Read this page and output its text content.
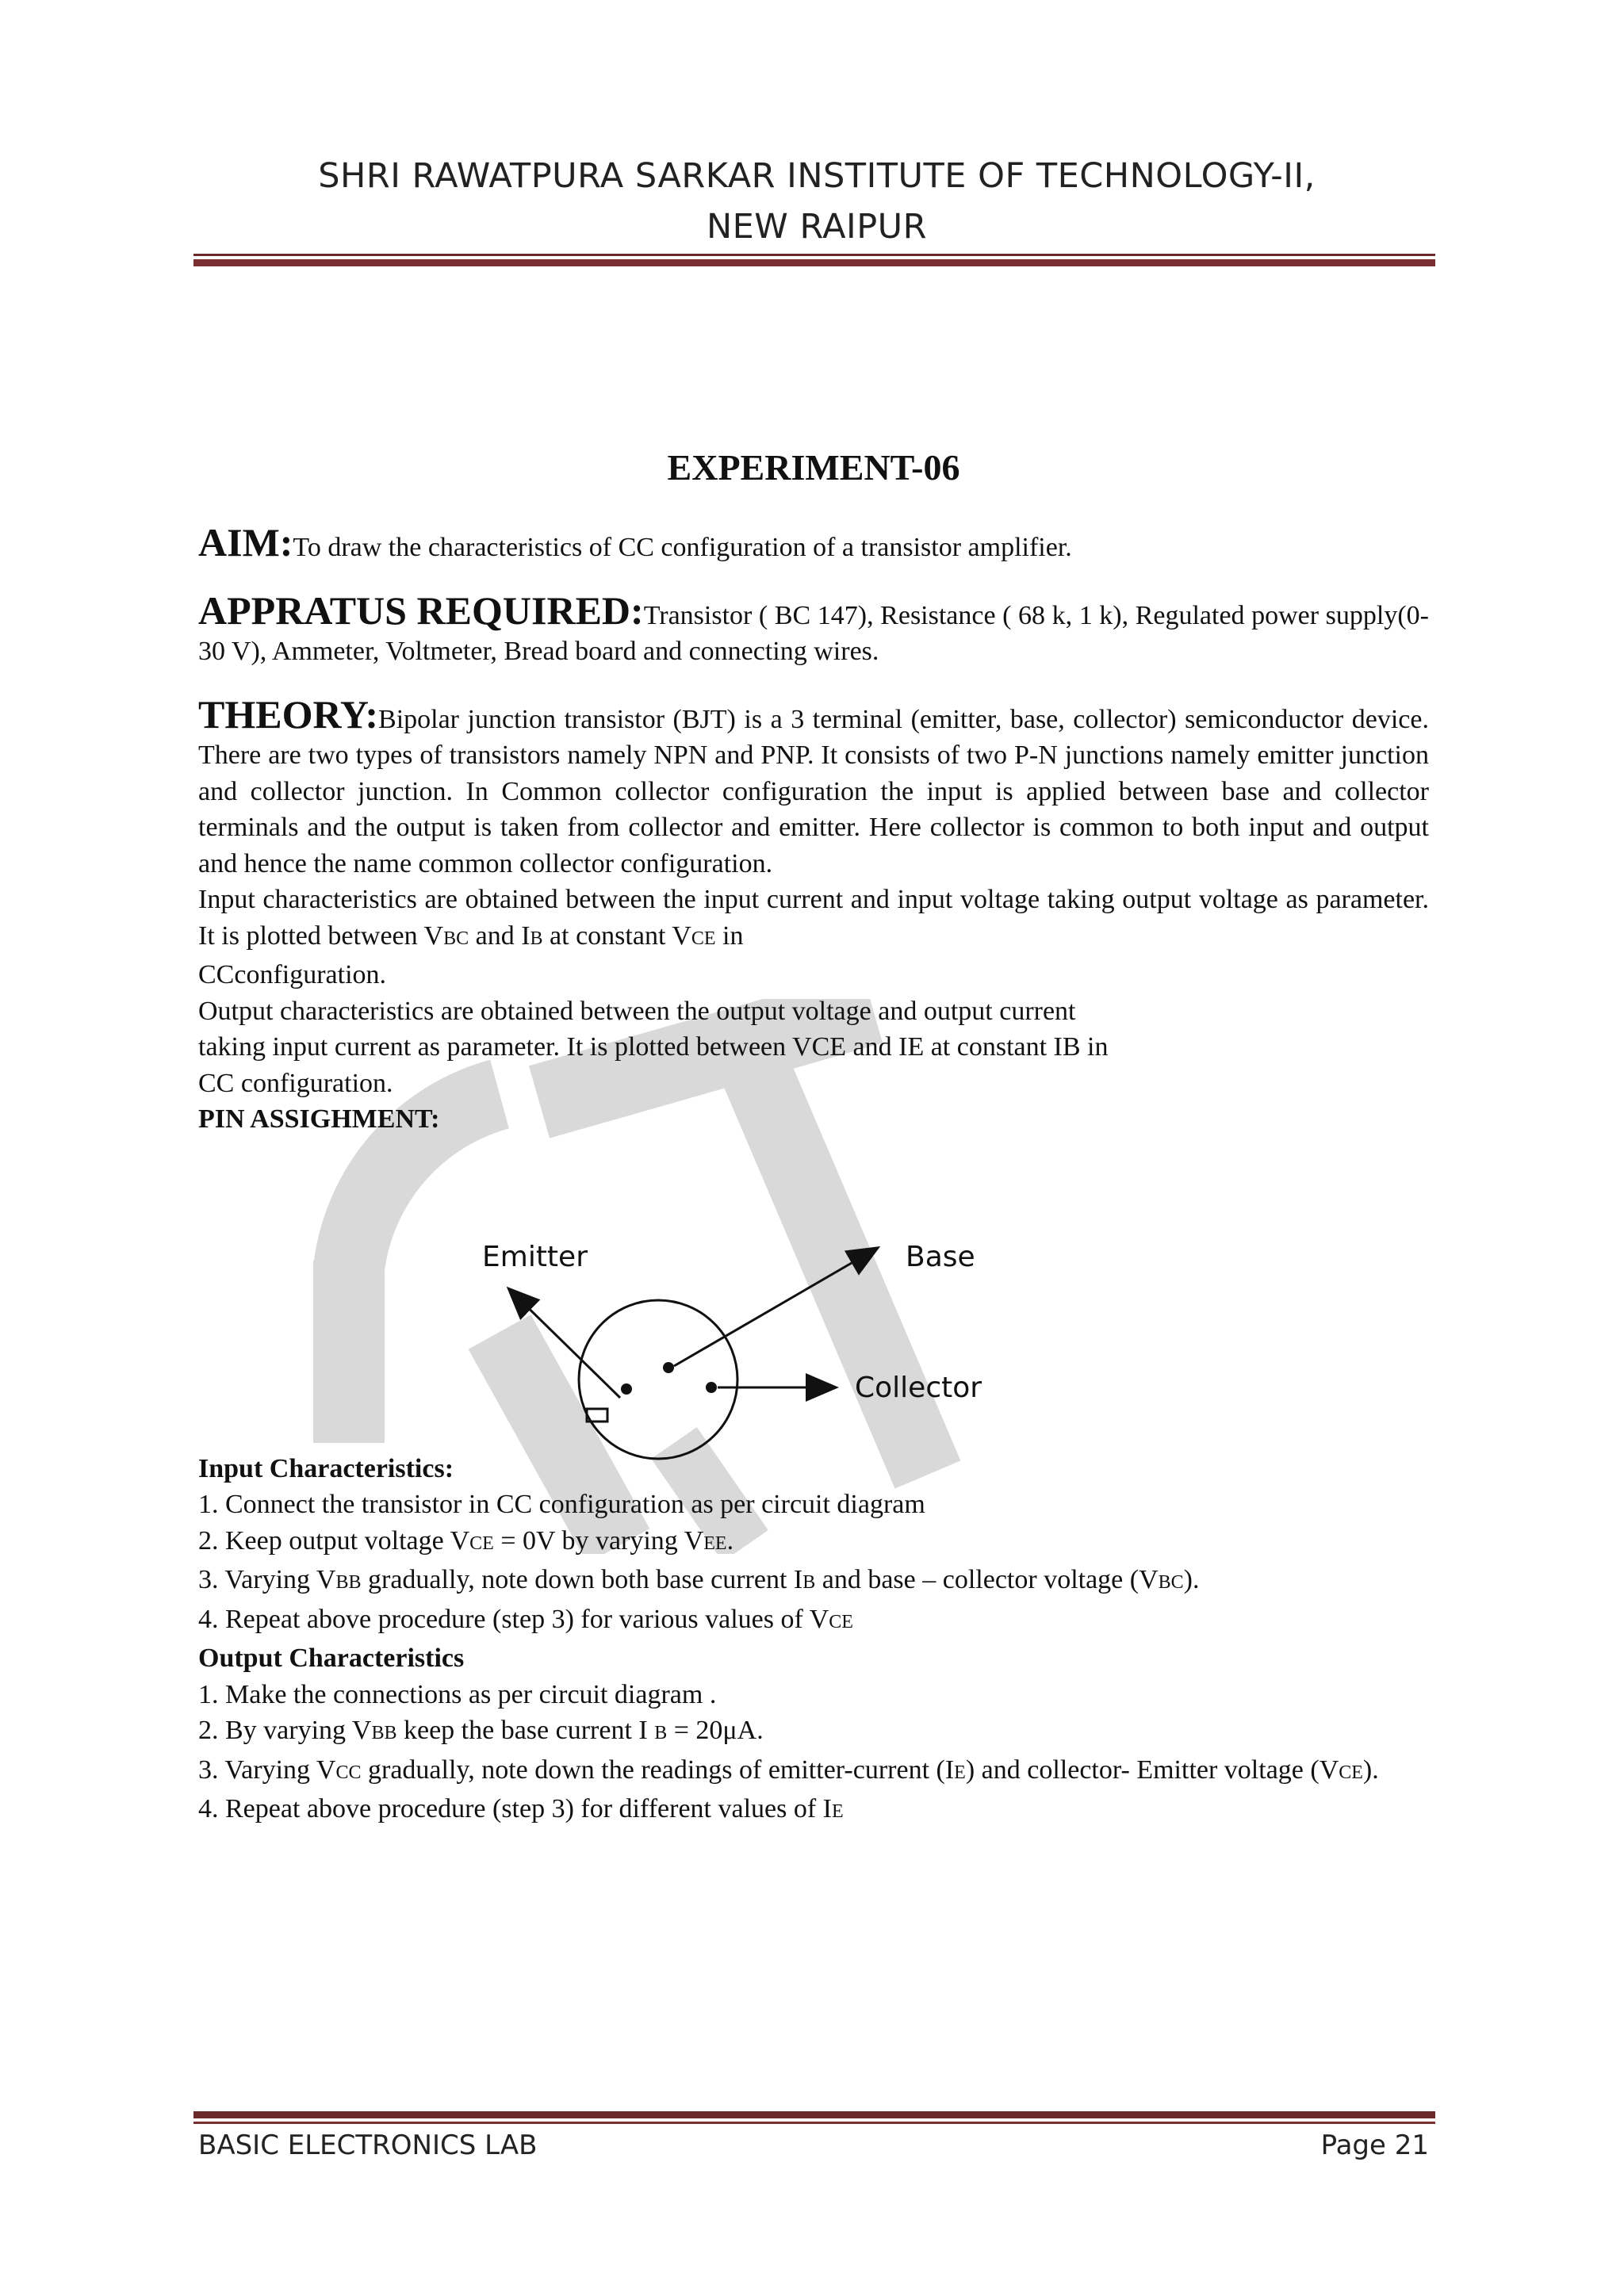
SHRI RAWATPURA SARKAR INSTITUTE OF TECHNOLOGY-II,
NEW RAIPUR
EXPERIMENT-06

AIM:To draw the characteristics of CC configuration of a transistor amplifier.

APPRATUS REQUIRED:Transistor ( BC 147), Resistance ( 68 k, 1 k), Regulated power supply(0-30 V), Ammeter, Voltmeter, Bread board and connecting wires.

THEORY:Bipolar junction transistor (BJT) is a 3 terminal (emitter, base, collector) semiconductor device. There are two types of transistors namely NPN and PNP. It consists of two P-N junctions namely emitter junction and collector junction. In Common collector configuration the input is applied between base and collector terminals and the output is taken from collector and emitter. Here collector is common to both input and output and hence the name common collector configuration.

Input characteristics are obtained between the input current and input voltage taking output voltage as parameter. It is plotted between VBC and IB at constant VCE in

CCconfiguration.

Output characteristics are obtained between the output voltage and output current

taking input current as parameter. It is plotted between VCE and IE at constant IB in

CC configuration.

PIN ASSIGHMENT:

Input Characteristics:

1. Connect the transistor in CC configuration as per circuit diagram

2. Keep output voltage VCE = 0V by varying VEE.

3. Varying VBB gradually, note down both base current IB and base – collector voltage (VBC).

4. Repeat above procedure (step 3) for various values of VCE

Output Characteristics

1. Make the connections as per circuit diagram .

2. By varying VBB keep the base current I B = 20μA.

3. Varying VCC gradually, note down the readings of emitter-current (IE) and collector- Emitter voltage (VCE).

4. Repeat above procedure (step 3) for different values of IE

Emitter	Base
Collector
BASIC ELECTRONICS LAB	Page 21
